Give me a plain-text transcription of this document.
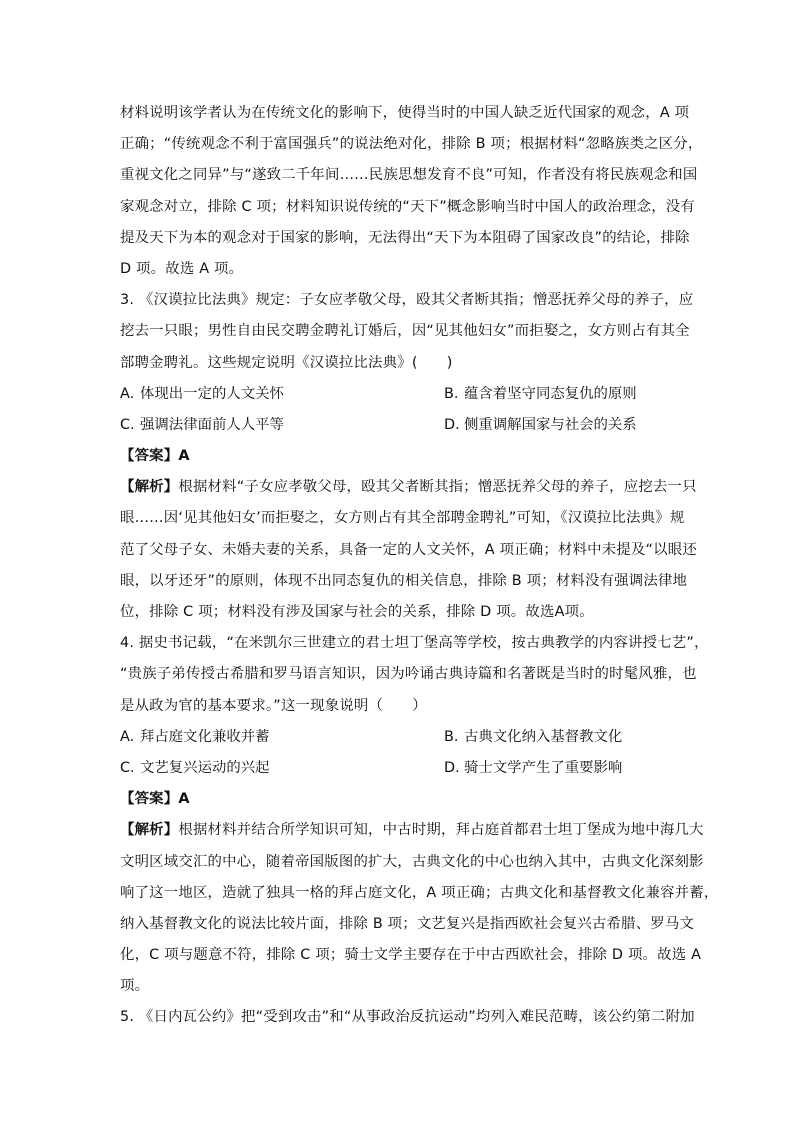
材料说明该学者认为在传统文化的影响下，使得当时的中国人缺乏近代国家的观念，A 项
正确；“传统观念不利于富国强兵”的说法绝对化，排除 B 项；根据材料“忽略族类之区分，
重视文化之同异”与“遂致二千年间……民族思想发育不良”可知，作者没有将民族观念和国
家观念对立，排除 C 项；材料知识说传统的“天下”概念影响当时中国人的政治理念，没有
提及天下为本的观念对于国家的影响，无法得出“天下为本阻碍了国家改良”的结论，排除
D 项。故选 A 项。
3. 《汉谟拉比法典》规定：子女应孝敬父母，殴其父者断其指；憎恶抚养父母的养子，应
挖去一只眼；男性自由民交聘金聘礼订婚后，因“见其他妇女”而拒娶之，女方则占有其全
部聘金聘礼。这些规定说明《汉谟拉比法典》(　　)
A. 体现出一定的人文关怀	B. 蕴含着坚守同态复仇的原则
C. 强调法律面前人人平等	D. 侧重调解国家与社会的关系
【答案】A
【解析】根据材料“子女应孝敬父母，殴其父者断其指；憎恶抚养父母的养子，应挖去一只
眼……因‘见其他妇女’而拒娶之，女方则占有其全部聘金聘礼”可知，《汉谟拉比法典》规
范了父母子女、未婚夫妻的关系，具备一定的人文关怀，A 项正确；材料中未提及“以眼还
眼，以牙还牙”的原则，体现不出同态复仇的相关信息，排除 B 项；材料没有强调法律地
位，排除 C 项；材料没有涉及国家与社会的关系，排除 D 项。故选A项。
4. 据史书记载，“在米凯尔三世建立的君士坦丁堡高等学校，按古典教学的内容讲授七艺”，
“贵族子弟传授古希腊和罗马语言知识，因为吟诵古典诗篇和名著既是当时的时髦风雅，也
是从政为官的基本要求。”这一现象说明（　　）
A. 拜占庭文化兼收并蓄	B. 古典文化纳入基督教文化
C. 文艺复兴运动的兴起	D. 骑士文学产生了重要影响
【答案】A
【解析】根据材料并结合所学知识可知，中古时期，拜占庭首都君士坦丁堡成为地中海几大
文明区域交汇的中心，随着帝国版图的扩大，古典文化的中心也纳入其中，古典文化深刻影
响了这一地区，造就了独具一格的拜占庭文化，A 项正确；古典文化和基督教文化兼容并蓄，
纳入基督教文化的说法比较片面，排除 B 项；文艺复兴是指西欧社会复兴古希腊、罗马文
化，C 项与题意不符，排除 C 项；骑士文学主要存在于中古西欧社会，排除 D 项。故选 A
项。
5. 《日内瓦公约》把“受到攻击”和“从事政治反抗运动”均列入难民范畴，该公约第二附加
